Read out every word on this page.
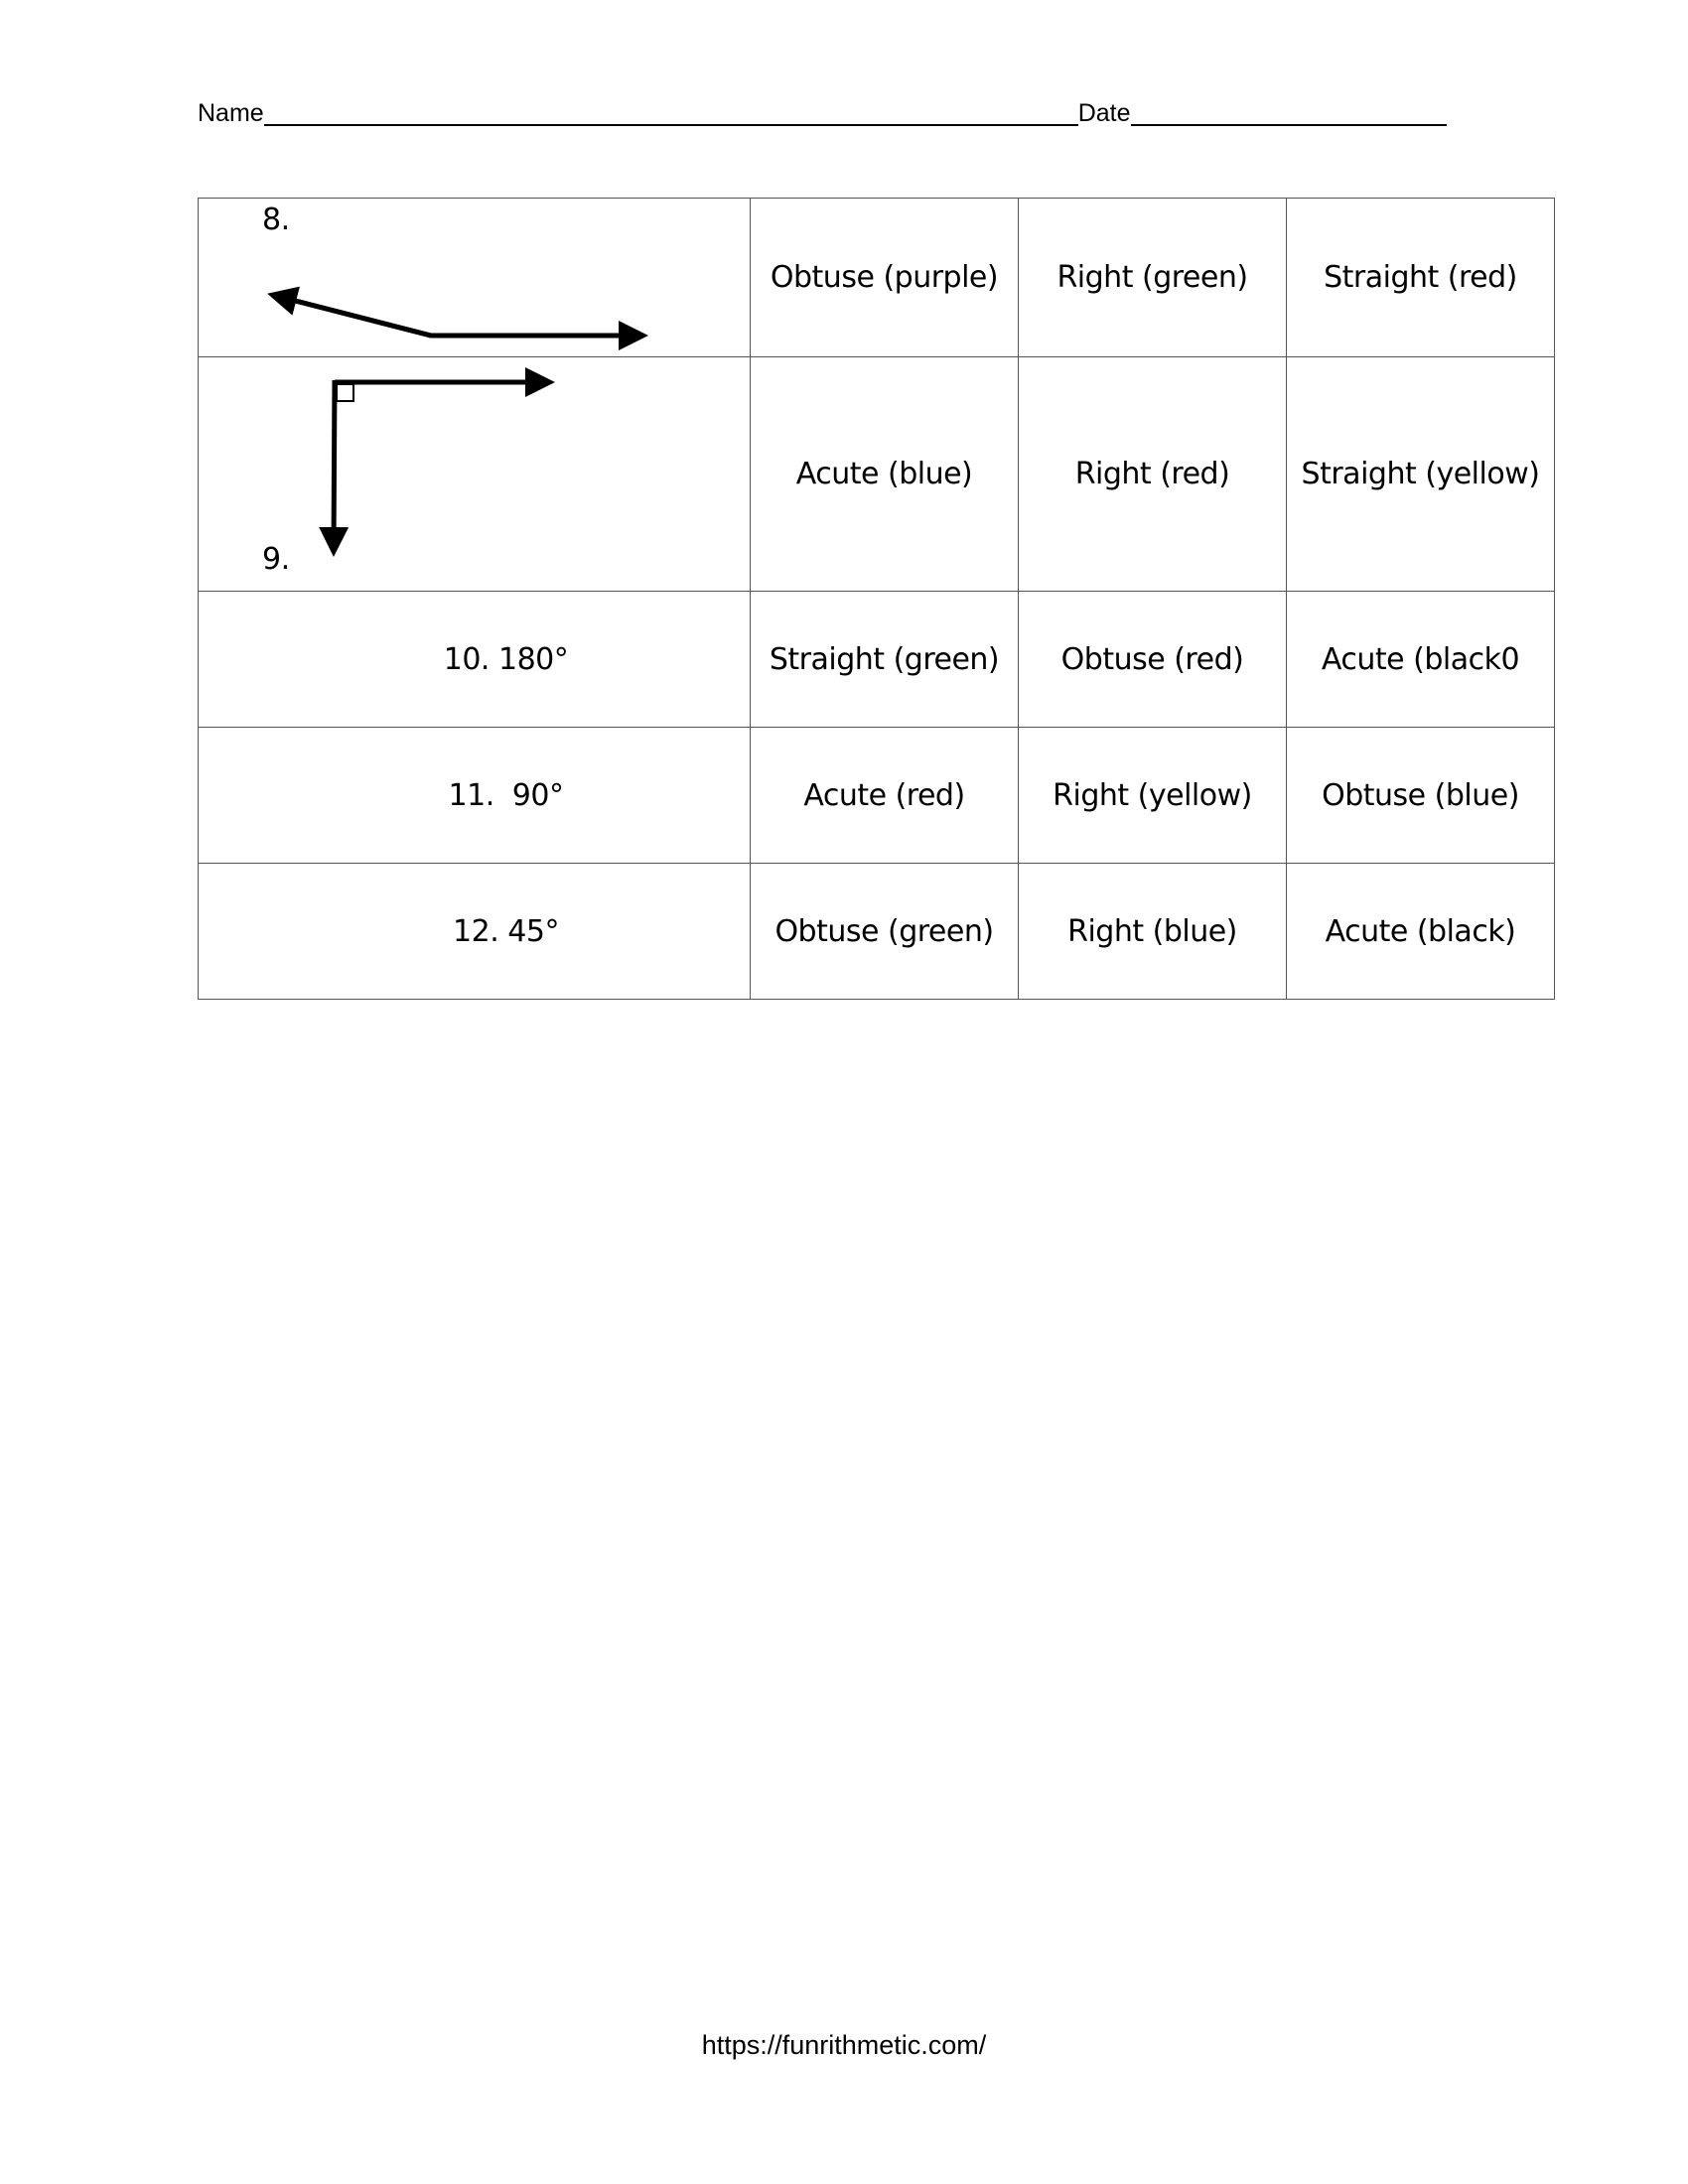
Name	Date
8.	Obtuse (purple)	Right (green)	Straight (red)

9.	Acute (blue)	Right (red)	Straight (yellow)
10. 180°	Straight (green)	Obtuse (red)	Acute (black0
11.  90°	Acute (red)	Right (yellow)	Obtuse (blue)
12. 45°	Obtuse (green)	Right (blue)	Acute (black)
https://funrithmetic.com/
